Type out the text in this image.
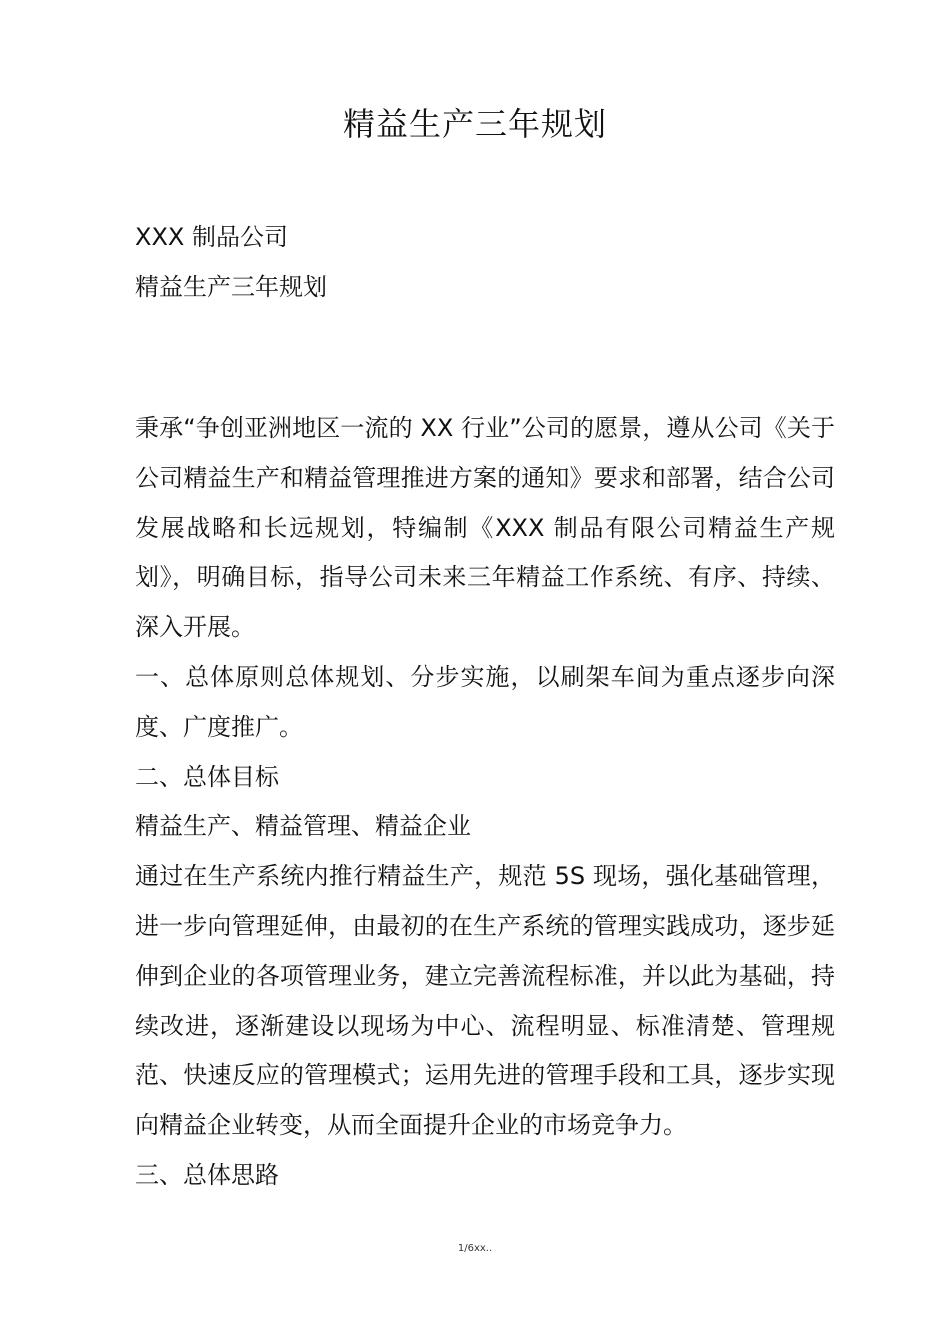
精益生产三年规划

XXX 制品公司

精益生产三年规划

秉承“争创亚洲地区一流的 XX 行业”公司的愿景，遵从公司《关于公司精益生产和精益管理推进方案的通知》要求和部署，结合公司发展战略和长远规划，特编制《XXX 制品有限公司精益生产规划》，明确目标，指导公司未来三年精益工作系统、有序、持续、深入开展。

一、总体原则总体规划、分步实施，以刷架车间为重点逐步向深度、广度推广。

二、总体目标

精益生产、精益管理、精益企业

通过在生产系统内推行精益生产，规范 5S 现场，强化基础管理，进一步向管理延伸，由最初的在生产系统的管理实践成功，逐步延伸到企业的各项管理业务，建立完善流程标准，并以此为基础，持续改进，逐渐建设以现场为中心、流程明显、标准清楚、管理规范、快速反应的管理模式；运用先进的管理手段和工具，逐步实现向精益企业转变，从而全面提升企业的市场竞争力。

三、总体思路

1/6xx..
